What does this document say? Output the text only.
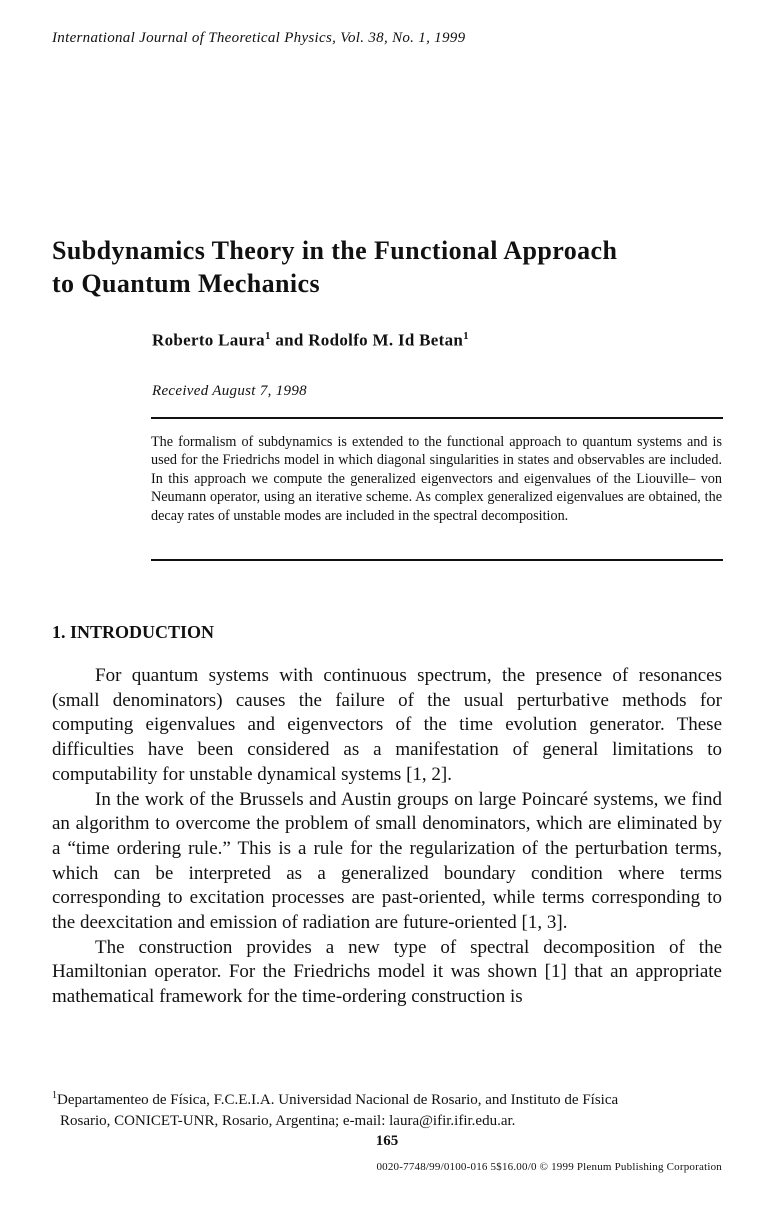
International Journal of Theoretical Physics, Vol. 38, No. 1, 1999
Subdynamics Theory in the Functional Approach
to Quantum Mechanics
Roberto Laura$^1$ and Rodolfo M. Id Betan$^1$
Received August 7, 1998
The formalism of subdynamics is extended to the functional approach to quantum systems and is used for the Friedrichs model in which diagonal singularities in states and observables are included. In this approach we compute the generalized eigenvectors and eigenvalues of the Liouville– von Neumann operator, using an iterative scheme. As complex generalized eigenvalues are obtained, the decay rates of unstable modes are included in the spectral decomposition.
1. INTRODUCTION

For quantum systems with continuous spectrum, the presence of resonances (small denominators) causes the failure of the usual perturbative methods for computing eigenvalues and eigenvectors of the time evolution generator. These difficulties have been considered as a manifestation of general limitations to computability for unstable dynamical systems [1, 2].

In the work of the Brussels and Austin groups on large Poincaré systems, we find an algorithm to overcome the problem of small denominators, which are eliminated by a “time ordering rule.” This is a rule for the regularization of the perturbation terms, which can be interpreted as a generalized boundary condition where terms corresponding to excitation processes are past-oriented, while terms corresponding to the deexcitation and emission of radiation are future-oriented [1, 3].

The construction provides a new type of spectral decomposition of the Hamiltonian operator. For the Friedrichs model it was shown [1] that an appropriate mathematical framework for the time-ordering construction is

$^1$Departamenteo de Física, F.C.E.I.A. Universidad Nacional de Rosario, and Instituto de Física
Rosario, CONICET-UNR, Rosario, Argentina; e-mail: laura@ifir.ifir.edu.ar.
165
0020-7748/99/0100-016 5$16.00/0 © 1999 Plenum Publishing Corporation
